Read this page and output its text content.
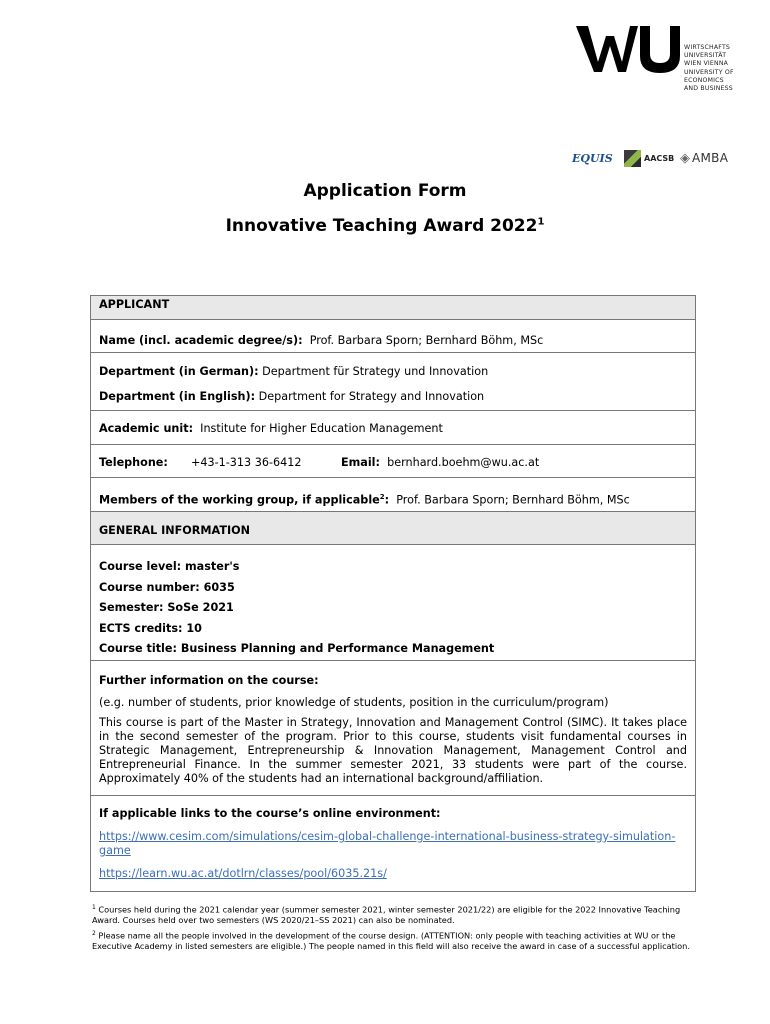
WIRTSCHAFTS
UNIVERSITÄT
WIEN VIENNA
UNIVERSITY OF
ECONOMICS
AND BUSINESS
EQUIS	AACSB ◈ AMBA
Application Form
Innovative Teaching Award 2022$^1$
APPLICANT
Name (incl. academic degree/s): Prof. Barbara Sporn; Bernhard Böhm, MSc

Department (in German): Department für Strategy und Innovation

Department (in English): Department for Strategy and Innovation

Academic unit: Institute for Higher Education Management
Telephone: +43-1-313 36-6412	Email: bernhard.boehm@wu.ac.at
Members of the working group, if applicable$^2$: Prof. Barbara Sporn; Bernhard Böhm, MSc
GENERAL INFORMATION

Course level: master's

Course number: 6035

Semester: SoSe 2021

ECTS credits: 10

Course title: Business Planning and Performance Management

Further information on the course:

(e.g. number of students, prior knowledge of students, position in the curriculum/program)

This course is part of the Master in Strategy, Innovation and Management Control (SIMC). It takes place in the second semester of the program. Prior to this course, students visit fundamental courses in Strategic Management, Entrepreneurship & Innovation Management, Management Control and Entrepreneurial Finance. In the summer semester 2021, 33 students were part of the course. Approximately 40% of the students had an international background/affiliation.

If applicable links to the course’s online environment:

https://www.cesim.com/simulations/cesim-global-challenge-international-business-strategy-simulation-game

https://learn.wu.ac.at/dotlrn/classes/pool/6035.21s/

$^1$ Courses held during the 2021 calendar year (summer semester 2021, winter semester 2021/22) are eligible for the 2022 Innovative Teaching Award. Courses held over two semesters (WS 2020/21–SS 2021) can also be nominated.

$^2$ Please name all the people involved in the development of the course design. (ATTENTION: only people with teaching activities at WU or the Executive Academy in listed semesters are eligible.) The people named in this field will also receive the award in case of a successful application.
